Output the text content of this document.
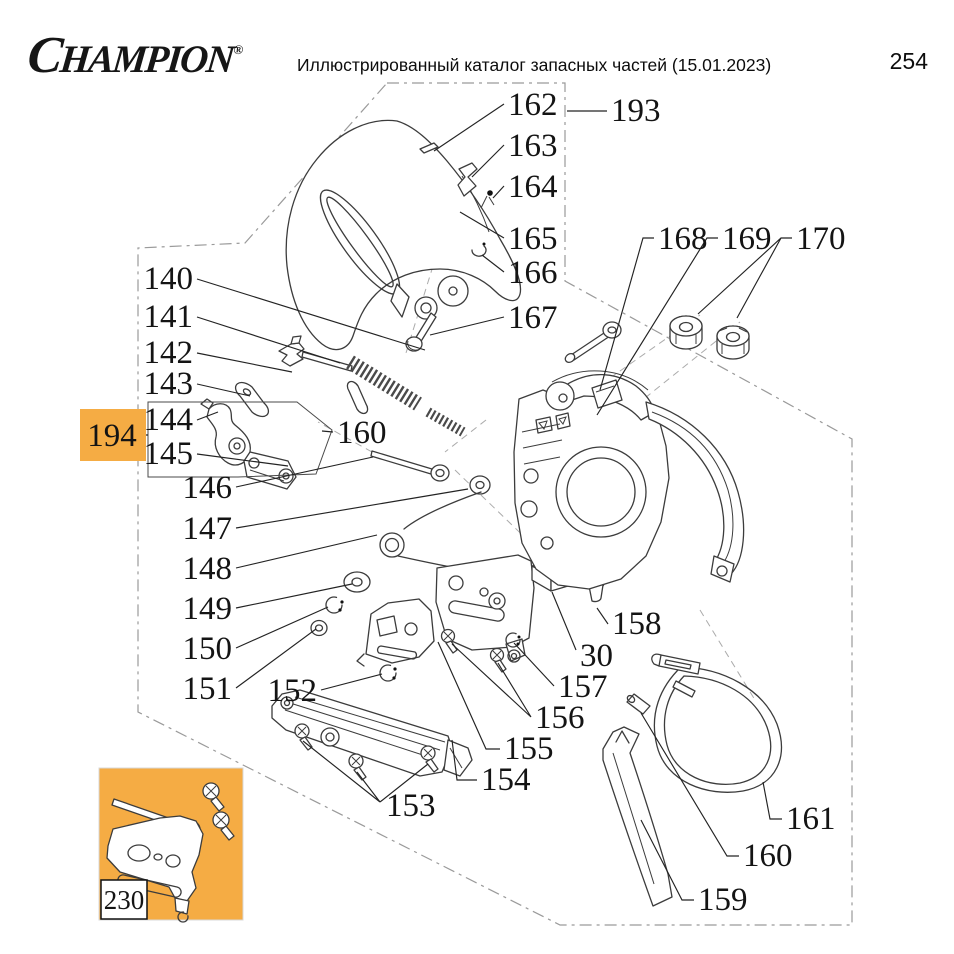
CHAMPION®
Иллюстрированный каталог запасных частей (15.01.2023)	254
194
140
141
142
143
144
145
146
147
148
149
150
151 152
153
154
155
156
157
30
158
159
160
160
161
162
163
164
165
166
167
193
168 169 170
230
